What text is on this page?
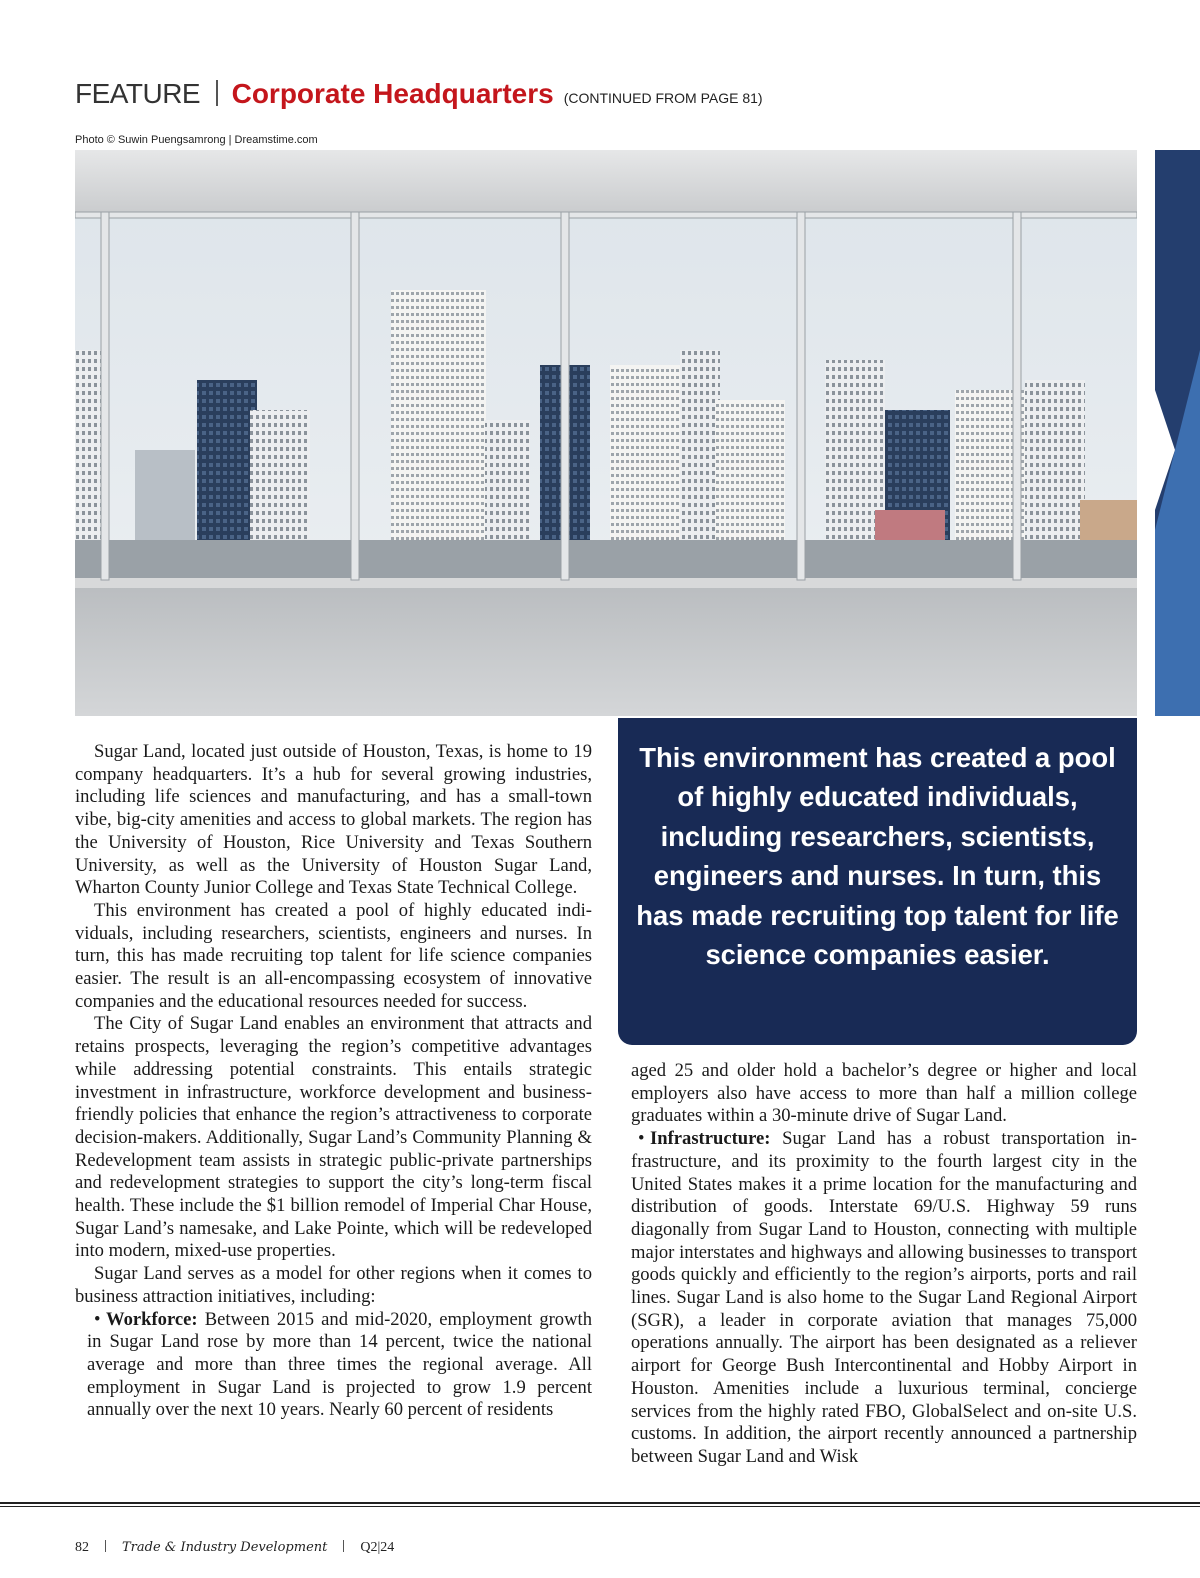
FEATURE Corporate Headquarters (CONTINUED FROM PAGE 81)
Photo © Suwin Puengsamrong | Dreamstime.com

Sugar Land, located just outside of Houston, Texas, is home to 19 company headquarters. It’s a hub for several growing industries, including life sciences and manufacturing, and has a small-town vibe, big-city amenities and access to global markets. The region has the University of Houston, Rice University and Texas Southern University, as well as the University of Houston Sugar Land, Wharton County Junior College and Texas State Technical College.

This environment has created a pool of highly educated individuals, including researchers, scientists, engineers and nurses. In turn, this has made recruiting top talent for life science companies easier. The result is an all-encompassing ecosystem of innovative companies and the educational resources needed for success.

The City of Sugar Land enables an environment that attracts and retains prospects, leveraging the region’s competitive advantages while addressing potential constraints. This entails strategic investment in infrastructure, workforce development and business-friendly policies that enhance the region’s attractiveness to corporate decision-makers. Additionally, Sugar Land’s Community Planning & Redevelopment team assists in strategic public-private partnerships and redevelopment strategies to support the city’s long-term fiscal health. These include the $1 billion remodel of Imperial Char House, Sugar Land’s namesake, and Lake Pointe, which will be redeveloped into modern, mixed-use properties.

Sugar Land serves as a model for other regions when it comes to business attraction initiatives, including:

• Workforce: Between 2015 and mid-2020, employment growth in Sugar Land rose by more than 14 percent, twice the national average and more than three times the regional average. All employment in Sugar Land is projected to grow 1.9 percent annually over the next 10 years. Nearly 60 percent of residents

This environment has created a pool of highly educated individuals, including researchers, scientists, engineers and nurses. In turn, this has made recruiting top talent for life science companies easier.

aged 25 and older hold a bachelor’s degree or higher and local employers also have access to more than half a million college graduates within a 30-minute drive of Sugar Land.

• Infrastructure: Sugar Land has a robust transportation infrastructure, and its proximity to the fourth largest city in the United States makes it a prime location for the manufacturing and distribution of goods. Interstate 69/U.S. Highway 59 runs diagonally from Sugar Land to Houston, connecting with multiple major interstates and highways and allowing businesses to transport goods quickly and efficiently to the region’s airports, ports and rail lines. Sugar Land is also home to the Sugar Land Regional Airport (SGR), a leader in corporate aviation that manages 75,000 operations annually. The airport has been designated as a reliever airport for George Bush Intercontinental and Hobby Airport in Houston. Amenities include a luxurious terminal, concierge services from the highly rated FBO, GlobalSelect and on-site U.S. customs. In addition, the airport recently announced a partnership between Sugar Land and Wisk

82	Trade & Industry Development Q2|24
